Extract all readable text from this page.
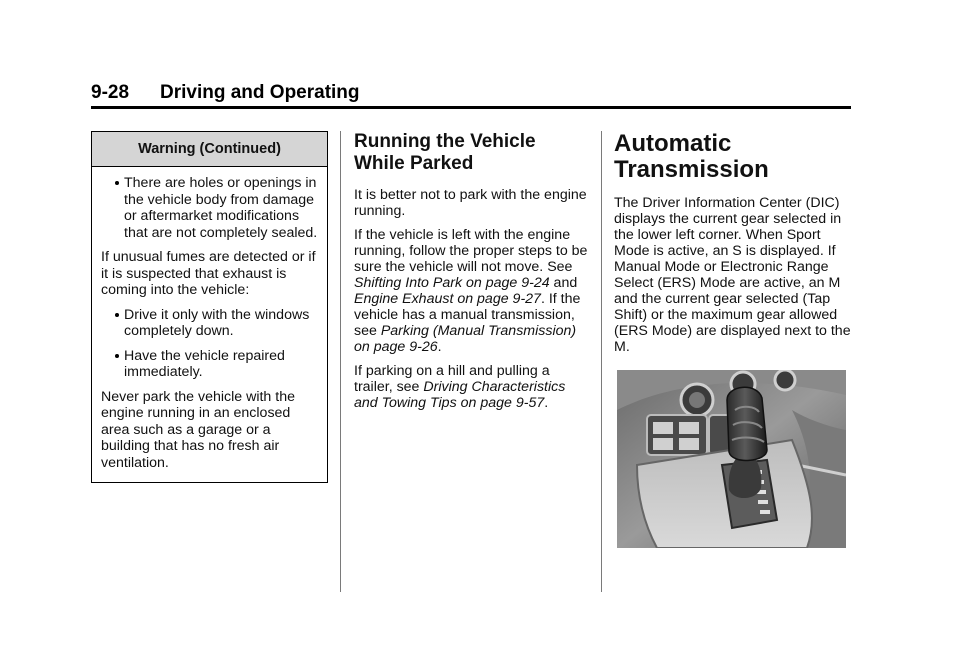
9-28 Driving and Operating
Warning (Continued)
There are holes or openings in the vehicle body from damage or aftermarket modifications that are not completely sealed.

If unusual fumes are detected or if it is suspected that exhaust is coming into the vehicle:

Drive it only with the windows completely down.
Have the vehicle repaired immediately.

Never park the vehicle with the engine running in an enclosed area such as a garage or a building that has no fresh air ventilation.

Running the Vehicle While Parked

It is better not to park with the engine running.

If the vehicle is left with the engine running, follow the proper steps to be sure the vehicle will not move. See Shifting Into Park on page 9-24 and Engine Exhaust on page 9-27. If the vehicle has a manual transmission, see Parking (Manual Transmission) on page 9-26.

If parking on a hill and pulling a trailer, see Driving Characteristics and Towing Tips on page 9-57.

Automatic Transmission

The Driver Information Center (DIC) displays the current gear selected in the lower left corner. When Sport Mode is active, an S is displayed. If Manual Mode or Electronic Range Select (ERS) Mode are active, an M and the current gear selected (Tap Shift) or the maximum gear allowed (ERS Mode) are displayed next to the M.
